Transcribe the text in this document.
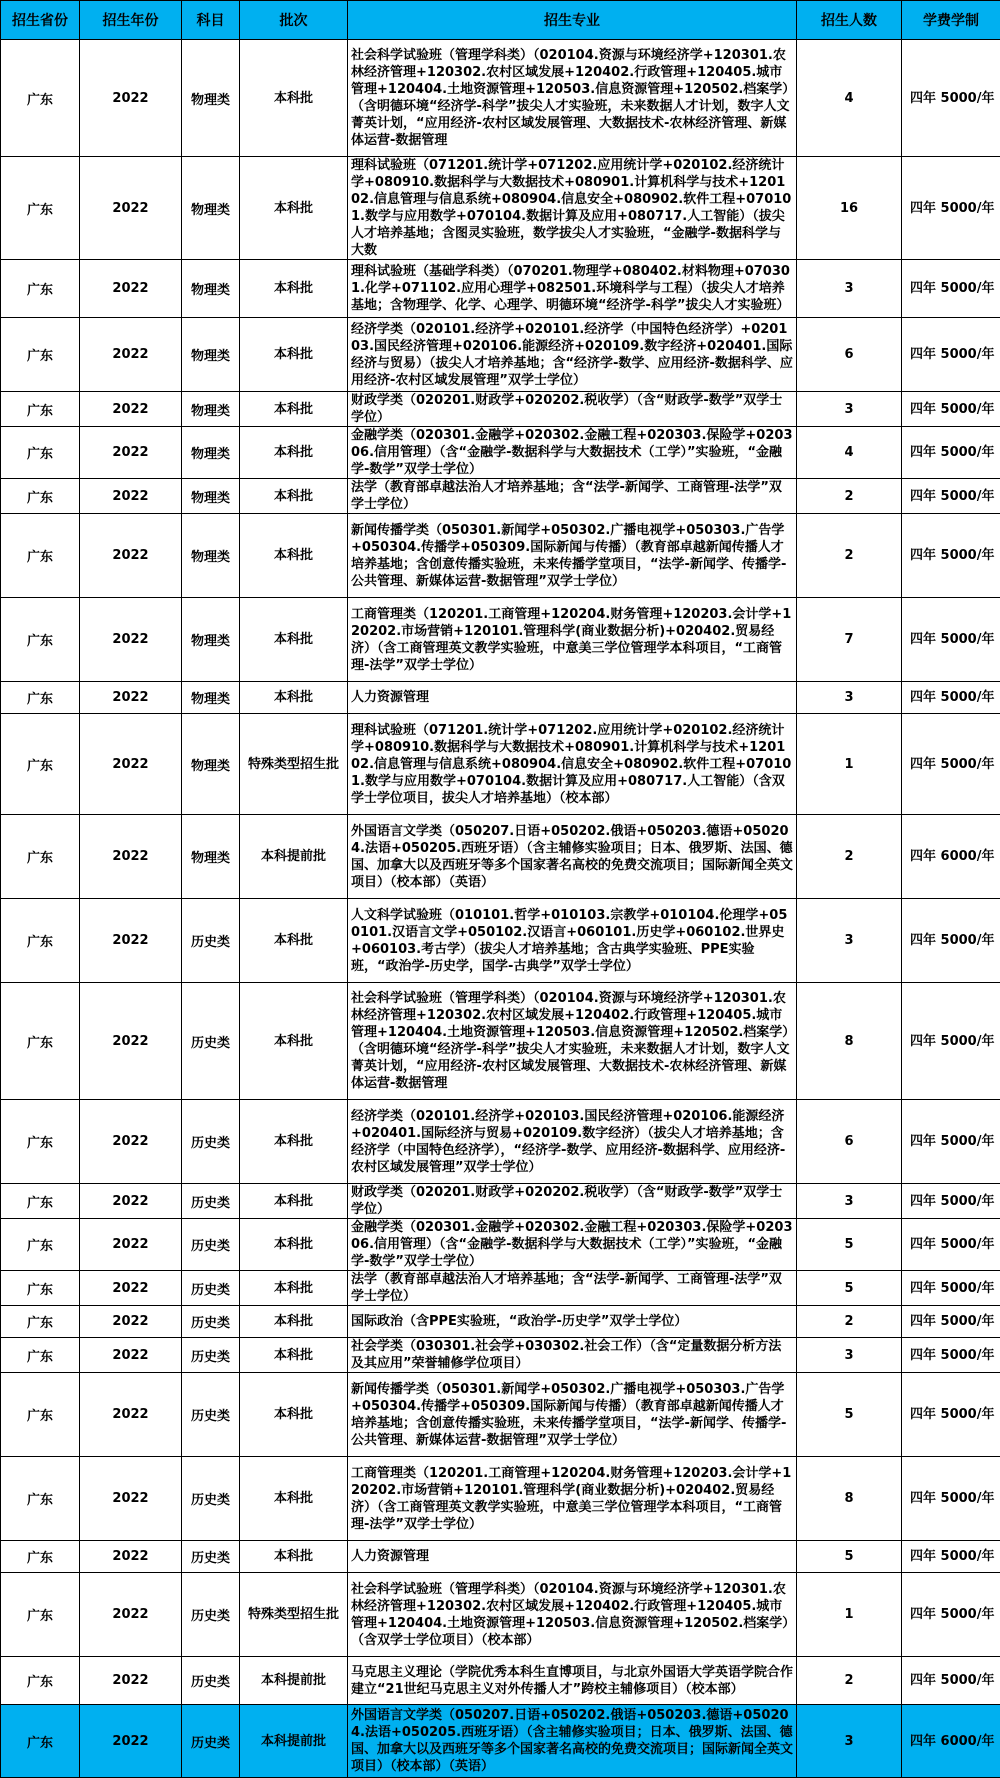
招生省份	招生年份	科目	批次	招生专业	招生人数	学费学制
广东	2022	物理类	本科批	社会科学试验班（管理学科类）（020104.资源与环境经济学+120301.农林经济管理+120302.农村区域发展+120402.行政管理+120405.城市管理+120404.土地资源管理+120503.信息资源管理+120502.档案学）（含明德环境“经济学-科学”拔尖人才实验班，未来数据人才计划，数字人文菁英计划，“应用经济-农村区域发展管理、大数据技术-农林经济管理、新媒体运营-数据管理	4	四年 5000/年
广东	2022	物理类	本科批	理科试验班（071201.统计学+071202.应用统计学+020102.经济统计学+080910.数据科学与大数据技术+080901.计算机科学与技术+120102.信息管理与信息系统+080904.信息安全+080902.软件工程+070101.数学与应用数学+070104.数据计算及应用+080717.人工智能）（拔尖人才培养基地；含图灵实验班，数学拔尖人才实验班，“金融学-数据科学与大数	16	四年 5000/年
广东	2022	物理类	本科批	理科试验班（基础学科类）（070201.物理学+080402.材料物理+070301.化学+071102.应用心理学+082501.环境科学与工程）（拔尖人才培养基地；含物理学、化学、心理学、明德环境“经济学-科学”拔尖人才实验班）	3	四年 5000/年
广东	2022	物理类	本科批	经济学类（020101.经济学+020101.经济学（中国特色经济学）+020103.国民经济管理+020106.能源经济+020109.数字经济+020401.国际经济与贸易）（拔尖人才培养基地；含“经济学-数学、应用经济-数据科学、应用经济-农村区域发展管理”双学士学位）	6	四年 5000/年
广东	2022	物理类	本科批	财政学类（020201.财政学+020202.税收学）（含“财政学-数学”双学士学位）	3	四年 5000/年
广东	2022	物理类	本科批	金融学类（020301.金融学+020302.金融工程+020303.保险学+020306.信用管理）（含“金融学-数据科学与大数据技术（工学）”实验班，“金融学-数学”双学士学位）	4	四年 5000/年
广东	2022	物理类	本科批	法学（教育部卓越法治人才培养基地；含“法学-新闻学、工商管理-法学”双学士学位）	2	四年 5000/年
广东	2022	物理类	本科批	新闻传播学类（050301.新闻学+050302.广播电视学+050303.广告学+050304.传播学+050309.国际新闻与传播）（教育部卓越新闻传播人才培养基地；含创意传播实验班，未来传播学堂项目，“法学-新闻学、传播学-公共管理、新媒体运营-数据管理”双学士学位）	2	四年 5000/年
广东	2022	物理类	本科批	工商管理类（120201.工商管理+120204.财务管理+120203.会计学+120202.市场营销+120101.管理科学(商业数据分析)+020402.贸易经济）（含工商管理英文教学实验班，中意美三学位管理学本科项目，“工商管理-法学”双学士学位）	7	四年 5000/年
广东	2022	物理类	本科批	人力资源管理	3	四年 5000/年
广东	2022	物理类	特殊类型招生批	理科试验班（071201.统计学+071202.应用统计学+020102.经济统计学+080910.数据科学与大数据技术+080901.计算机科学与技术+120102.信息管理与信息系统+080904.信息安全+080902.软件工程+070101.数学与应用数学+070104.数据计算及应用+080717.人工智能）（含双学士学位项目，拔尖人才培养基地）（校本部）	1	四年 5000/年
广东	2022	物理类	本科提前批	外国语言文学类（050207.日语+050202.俄语+050203.德语+050204.法语+050205.西班牙语）（含主辅修实验项目；日本、俄罗斯、法国、德国、加拿大以及西班牙等多个国家著名高校的免费交流项目；国际新闻全英文项目）（校本部）（英语）	2	四年 6000/年
广东	2022	历史类	本科批	人文科学试验班（010101.哲学+010103.宗教学+010104.伦理学+050101.汉语言文学+050102.汉语言+060101.历史学+060102.世界史+060103.考古学）（拔尖人才培养基地；含古典学实验班、PPE实验班，“政治学-历史学，国学-古典学”双学士学位）	3	四年 5000/年
广东	2022	历史类	本科批	社会科学试验班（管理学科类）（020104.资源与环境经济学+120301.农林经济管理+120302.农村区域发展+120402.行政管理+120405.城市管理+120404.土地资源管理+120503.信息资源管理+120502.档案学）（含明德环境“经济学-科学”拔尖人才实验班，未来数据人才计划，数字人文菁英计划，“应用经济-农村区域发展管理、大数据技术-农林经济管理、新媒体运营-数据管理	8	四年 5000/年
广东	2022	历史类	本科批	经济学类（020101.经济学+020103.国民经济管理+020106.能源经济+020401.国际经济与贸易+020109.数字经济）（拔尖人才培养基地；含经济学（中国特色经济学），“经济学-数学、应用经济-数据科学、应用经济-农村区域发展管理”双学士学位）	6	四年 5000/年
广东	2022	历史类	本科批	财政学类（020201.财政学+020202.税收学）（含“财政学-数学”双学士学位）	3	四年 5000/年
广东	2022	历史类	本科批	金融学类（020301.金融学+020302.金融工程+020303.保险学+020306.信用管理）（含“金融学-数据科学与大数据技术（工学）”实验班，“金融学-数学”双学士学位）	5	四年 5000/年
广东	2022	历史类	本科批	法学（教育部卓越法治人才培养基地；含“法学-新闻学、工商管理-法学”双学士学位）	5	四年 5000/年
广东	2022	历史类	本科批	国际政治（含PPE实验班，“政治学-历史学”双学士学位）	2	四年 5000/年
广东	2022	历史类	本科批	社会学类（030301.社会学+030302.社会工作）（含“定量数据分析方法及其应用”荣誉辅修学位项目）	3	四年 5000/年
广东	2022	历史类	本科批	新闻传播学类（050301.新闻学+050302.广播电视学+050303.广告学+050304.传播学+050309.国际新闻与传播）（教育部卓越新闻传播人才培养基地；含创意传播实验班，未来传播学堂项目，“法学-新闻学、传播学-公共管理、新媒体运营-数据管理”双学士学位）	5	四年 5000/年
广东	2022	历史类	本科批	工商管理类（120201.工商管理+120204.财务管理+120203.会计学+120202.市场营销+120101.管理科学(商业数据分析)+020402.贸易经济）（含工商管理英文教学实验班，中意美三学位管理学本科项目，“工商管理-法学”双学士学位）	8	四年 5000/年
广东	2022	历史类	本科批	人力资源管理	5	四年 5000/年
广东	2022	历史类	特殊类型招生批	社会科学试验班（管理学科类）（020104.资源与环境经济学+120301.农林经济管理+120302.农村区域发展+120402.行政管理+120405.城市管理+120404.土地资源管理+120503.信息资源管理+120502.档案学）（含双学士学位项目）（校本部）	1	四年 5000/年
广东	2022	历史类	本科提前批	马克思主义理论（学院优秀本科生直博项目，与北京外国语大学英语学院合作建立“21世纪马克思主义对外传播人才”跨校主辅修项目）（校本部）	2	四年 5000/年
广东	2022	历史类	本科提前批	外国语言文学类（050207.日语+050202.俄语+050203.德语+050204.法语+050205.西班牙语）（含主辅修实验项目；日本、俄罗斯、法国、德国、加拿大以及西班牙等多个国家著名高校的免费交流项目；国际新闻全英文项目）（校本部）（英语）	3	四年 6000/年
